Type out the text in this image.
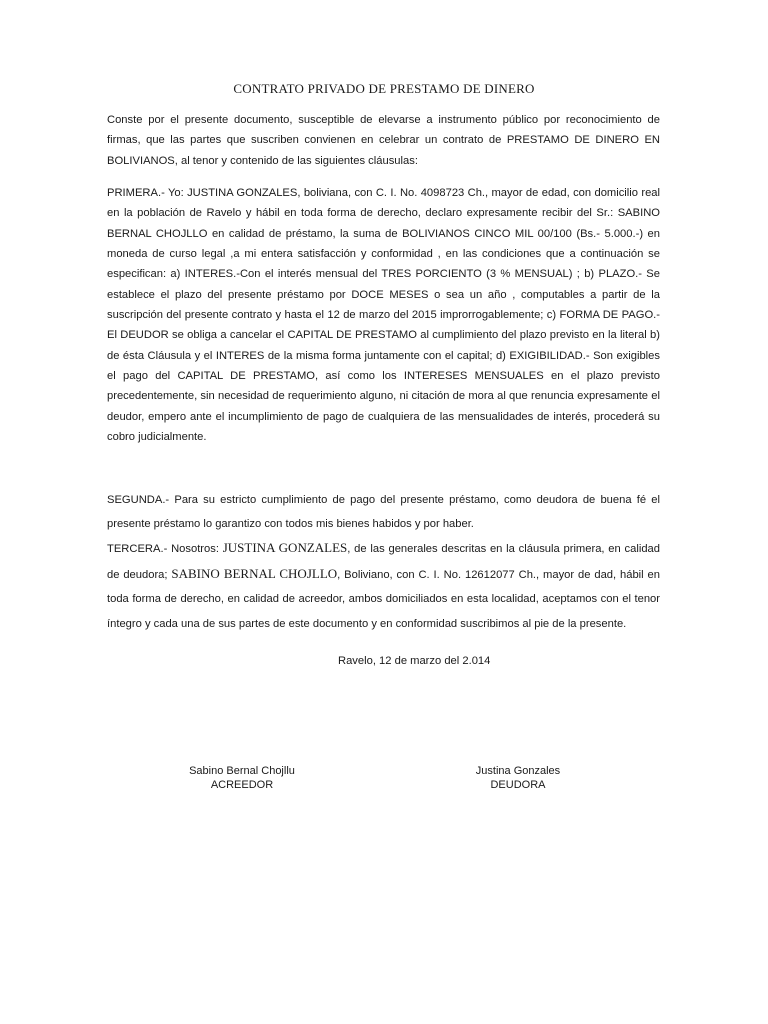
CONTRATO PRIVADO DE PRESTAMO DE DINERO

Conste por el presente documento, susceptible de elevarse a instrumento público por reconocimiento de firmas, que las partes que suscriben convienen en celebrar un contrato de PRESTAMO DE DINERO EN BOLIVIANOS, al tenor y contenido de las siguientes cláusulas:

PRIMERA.- Yo: JUSTINA GONZALES, boliviana, con C. I. No. 4098723 Ch., mayor de edad, con domicilio real en la población de Ravelo y hábil en toda forma de derecho, declaro expresamente recibir del Sr.: SABINO BERNAL CHOJLLO en calidad de préstamo, la suma de BOLIVIANOS CINCO MIL 00/100 (Bs.- 5.000.-) en moneda de curso legal ,a mi entera satisfacción y conformidad , en las condiciones que a continuación se especifican: a) INTERES.-Con el interés mensual del TRES PORCIENTO (3 % MENSUAL) ; b) PLAZO.- Se establece el plazo del presente préstamo por DOCE MESES o sea un año , computables a partir de la suscripción del presente contrato y hasta el 12 de marzo del 2015 improrrogablemente; c) FORMA DE PAGO.- El DEUDOR se obliga a cancelar el CAPITAL DE PRESTAMO al cumplimiento del plazo previsto en la literal b) de ésta Cláusula y el INTERES de la misma forma juntamente con el capital; d) EXIGIBILIDAD.- Son exigibles el pago del CAPITAL DE PRESTAMO, así como los INTERESES MENSUALES en el plazo previsto precedentemente, sin necesidad de requerimiento alguno, ni citación de mora al que renuncia expresamente el deudor, empero ante el incumplimiento de pago de cualquiera de las mensualidades de interés, procederá su cobro judicialmente.

SEGUNDA.- Para su estricto cumplimiento de pago del presente préstamo, como deudora de buena fé el presente préstamo lo garantizo con todos mis bienes habidos y por haber.

TERCERA.- Nosotros: JUSTINA GONZALES, de las generales descritas en la cláusula primera, en calidad de deudora; SABINO BERNAL CHOJLLO, Boliviano, con C. I. No. 12612077 Ch., mayor de dad, hábil en toda forma de derecho, en calidad de acreedor, ambos domiciliados en esta localidad, aceptamos con el tenor íntegro y cada una de sus partes de este documento y en conformidad suscribimos al pie de la presente.

Ravelo, 12 de marzo del 2.014

Sabino Bernal Chojllu
ACREEDOR
Justina Gonzales
DEUDORA
